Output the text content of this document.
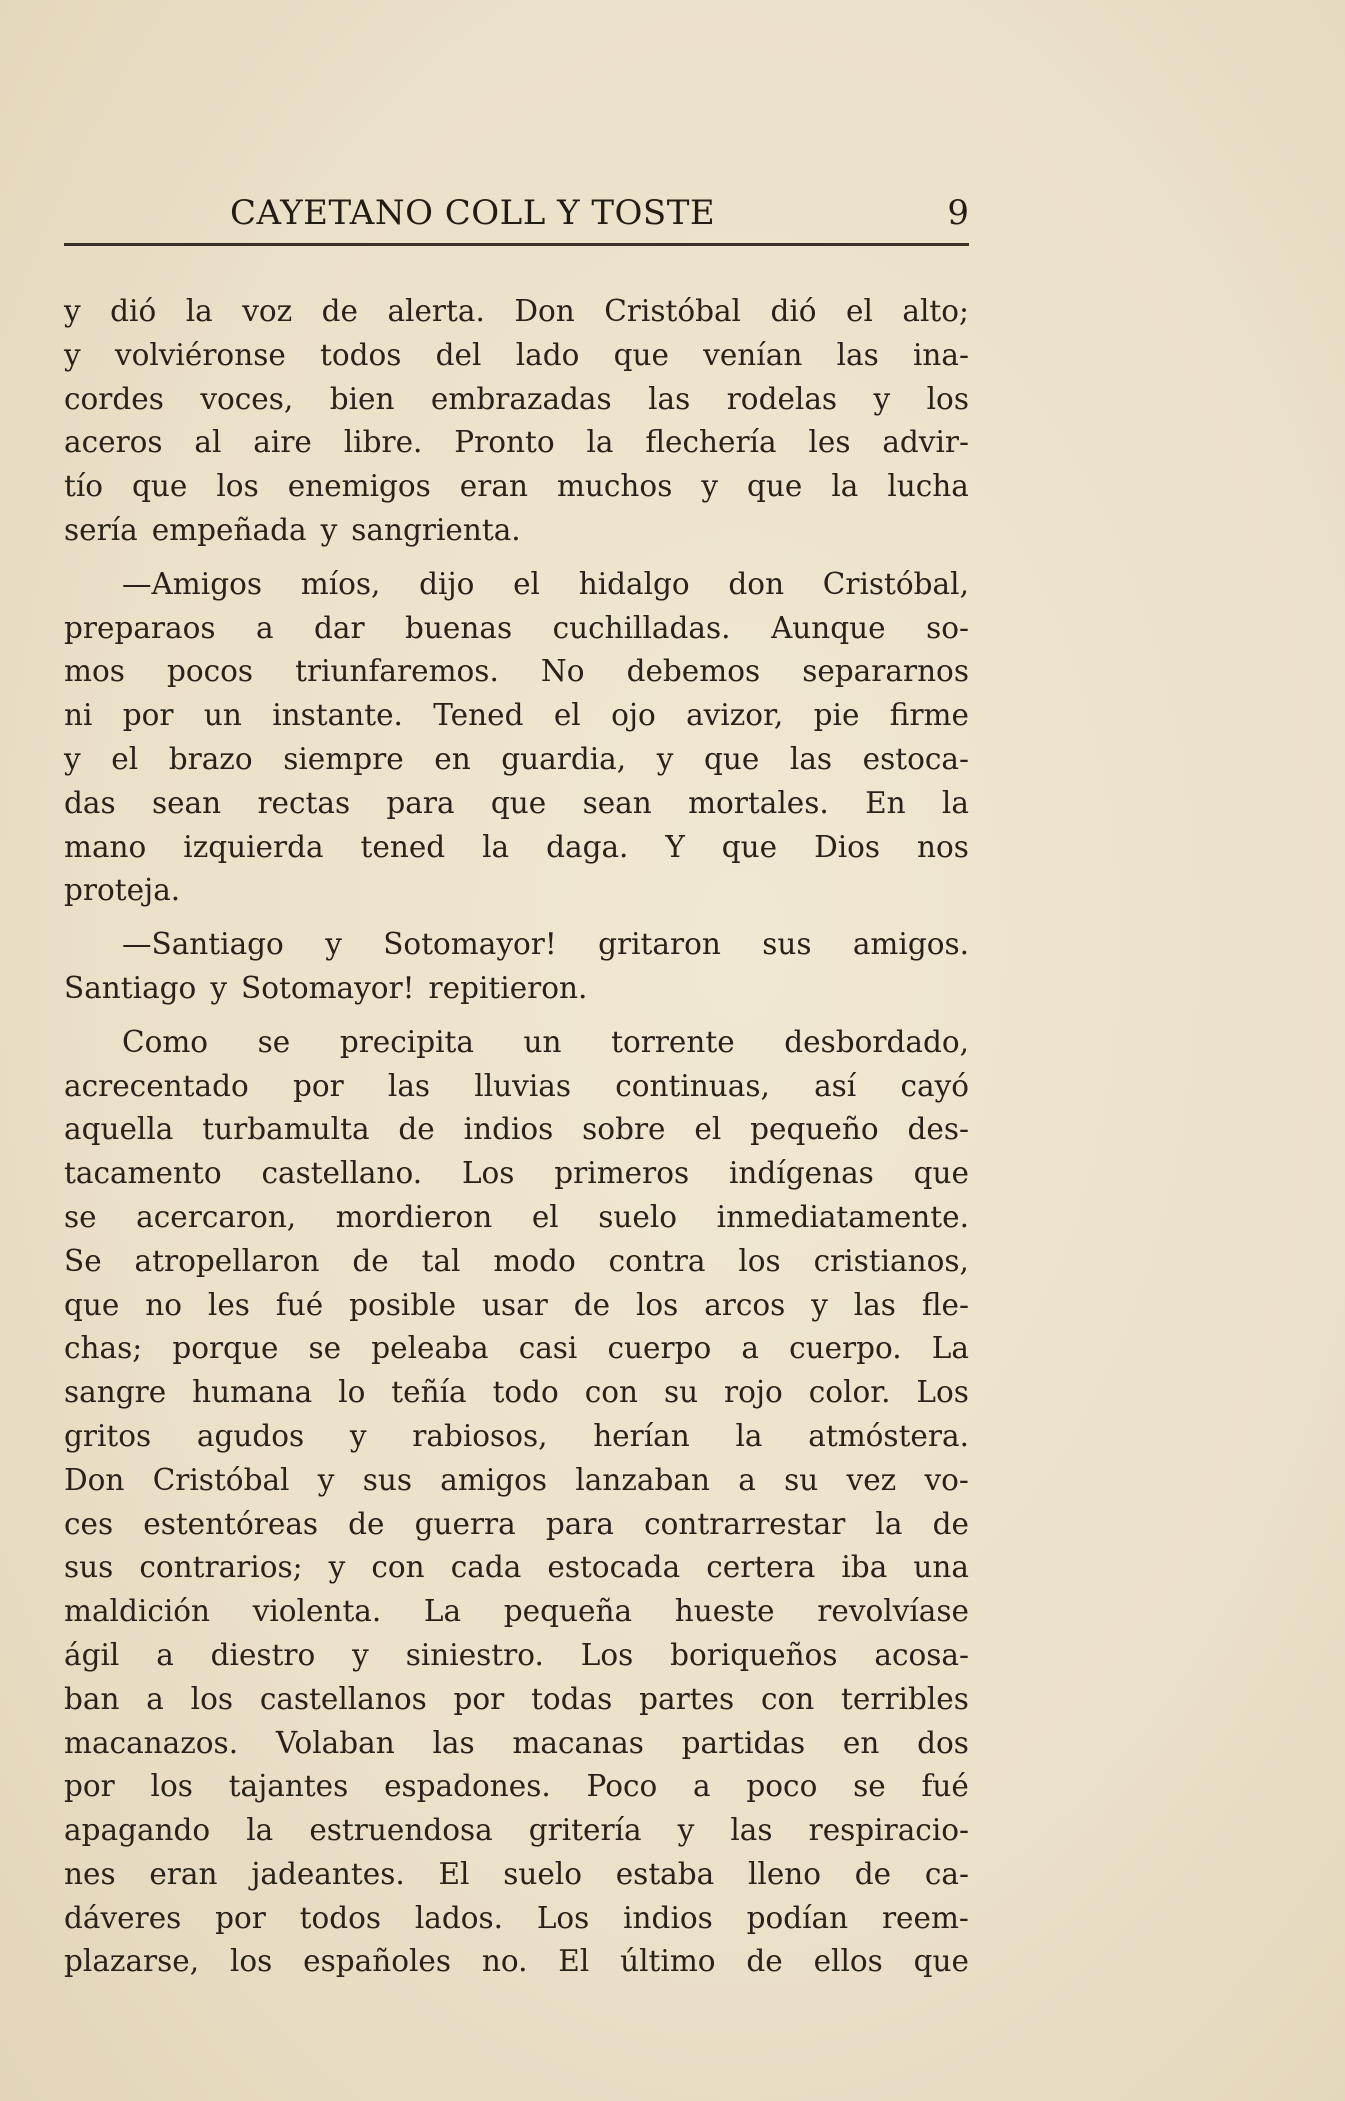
CAYETANO COLL Y TOSTE	9
y dió la voz de alerta. Don Cristóbal dió el alto;
y volviéronse todos del lado que venían las ina-
cordes voces, bien embrazadas las rodelas y los
aceros al aire libre. Pronto la flechería les advir-
tío que los enemigos eran muchos y que la lucha
sería empeñada y sangrienta.
—Amigos míos, dijo el hidalgo don Cristóbal,
preparaos a dar buenas cuchilladas. Aunque so-
mos pocos triunfaremos. No debemos separarnos
ni por un instante. Tened el ojo avizor, pie firme
y el brazo siempre en guardia, y que las estoca-
das sean rectas para que sean mortales. En la
mano izquierda tened la daga. Y que Dios nos
proteja.
—Santiago y Sotomayor! gritaron sus amigos.
Santiago y Sotomayor! repitieron.
Como se precipita un torrente desbordado,
acrecentado por las lluvias continuas, así cayó
aquella turbamulta de indios sobre el pequeño des-
tacamento castellano. Los primeros indígenas que
se acercaron, mordieron el suelo inmediatamente.
Se atropellaron de tal modo contra los cristianos,
que no les fué posible usar de los arcos y las fle-
chas; porque se peleaba casi cuerpo a cuerpo. La
sangre humana lo teñía todo con su rojo color. Los
gritos agudos y rabiosos, herían la atmóstera.
Don Cristóbal y sus amigos lanzaban a su vez vo-
ces estentóreas de guerra para contrarrestar la de
sus contrarios; y con cada estocada certera iba una
maldición violenta. La pequeña hueste revolvíase
ágil a diestro y siniestro. Los boriqueños acosa-
ban a los castellanos por todas partes con terribles
macanazos. Volaban las macanas partidas en dos
por los tajantes espadones. Poco a poco se fué
apagando la estruendosa gritería y las respiracio-
nes eran jadeantes. El suelo estaba lleno de ca-
dáveres por todos lados. Los indios podían reem-
plazarse, los españoles no. El último de ellos que
